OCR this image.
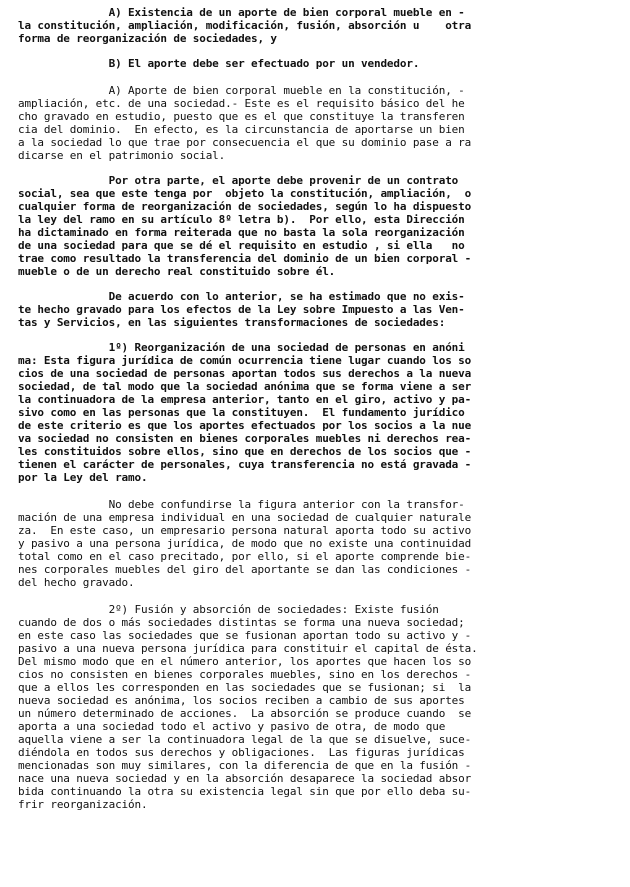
A) Existencia de un aporte de bien corporal mueble en -
la constitución, ampliación, modificación, fusión, absorción u    otra
forma de reorganización de sociedades, y
B) El aporte debe ser efectuado por un vendedor.
A) Aporte de bien corporal mueble en la constitución, -
ampliación, etc. de una sociedad.- Este es el requisito básico del he
cho gravado en estudio, puesto que es el que constituye la transferen
cia del dominio.  En efecto, es la circunstancia de aportarse un bien
a la sociedad lo que trae por consecuencia el que su dominio pase a ra
dicarse en el patrimonio social.
Por otra parte, el aporte debe provenir de un contrato
social, sea que este tenga por  objeto la constitución, ampliación,  o
cualquier forma de reorganización de sociedades, según lo ha dispuesto
la ley del ramo en su artículo 8º letra b).  Por ello, esta Dirección
ha dictaminado en forma reiterada que no basta la sola reorganización
de una sociedad para que se dé el requisito en estudio , si ella   no
trae como resultado la transferencia del dominio de un bien corporal -
mueble o de un derecho real constituido sobre él.
De acuerdo con lo anterior, se ha estimado que no exis-
te hecho gravado para los efectos de la Ley sobre Impuesto a las Ven-
tas y Servicios, en las siguientes transformaciones de sociedades:
1º) Reorganización de una sociedad de personas en anóni
ma: Esta figura jurídica de común ocurrencia tiene lugar cuando los so
cios de una sociedad de personas aportan todos sus derechos a la nueva
sociedad, de tal modo que la sociedad anónima que se forma viene a ser
la continuadora de la empresa anterior, tanto en el giro, activo y pa-
sivo como en las personas que la constituyen.  El fundamento jurídico
de este criterio es que los aportes efectuados por los socios a la nue
va sociedad no consisten en bienes corporales muebles ni derechos rea-
les constituidos sobre ellos, sino que en derechos de los socios que -
tienen el carácter de personales, cuya transferencia no está gravada -
por la Ley del ramo.
No debe confundirse la figura anterior con la transfor-
mación de una empresa individual en una sociedad de cualquier naturale
za.  En este caso, un empresario persona natural aporta todo su activo
y pasivo a una persona jurídica, de modo que no existe una continuidad
total como en el caso precitado, por ello, si el aporte comprende bie-
nes corporales muebles del giro del aportante se dan las condiciones -
del hecho gravado.
2º) Fusión y absorción de sociedades: Existe fusión
cuando de dos o más sociedades distintas se forma una nueva sociedad;
en este caso las sociedades que se fusionan aportan todo su activo y -
pasivo a una nueva persona jurídica para constituir el capital de ésta.
Del mismo modo que en el número anterior, los aportes que hacen los so
cios no consisten en bienes corporales muebles, sino en los derechos -
que a ellos les corresponden en las sociedades que se fusionan; si  la
nueva sociedad es anónima, los socios reciben a cambio de sus aportes
un número determinado de acciones.  La absorción se produce cuando  se
aporta a una sociedad todo el activo y pasivo de otra, de modo que
aquella viene a ser la continuadora legal de la que se disuelve, suce-
diéndola en todos sus derechos y obligaciones.  Las figuras jurídicas
mencionadas son muy similares, con la diferencia de que en la fusión -
nace una nueva sociedad y en la absorción desaparece la sociedad absor
bida continuando la otra su existencia legal sin que por ello deba su-
frir reorganización.
